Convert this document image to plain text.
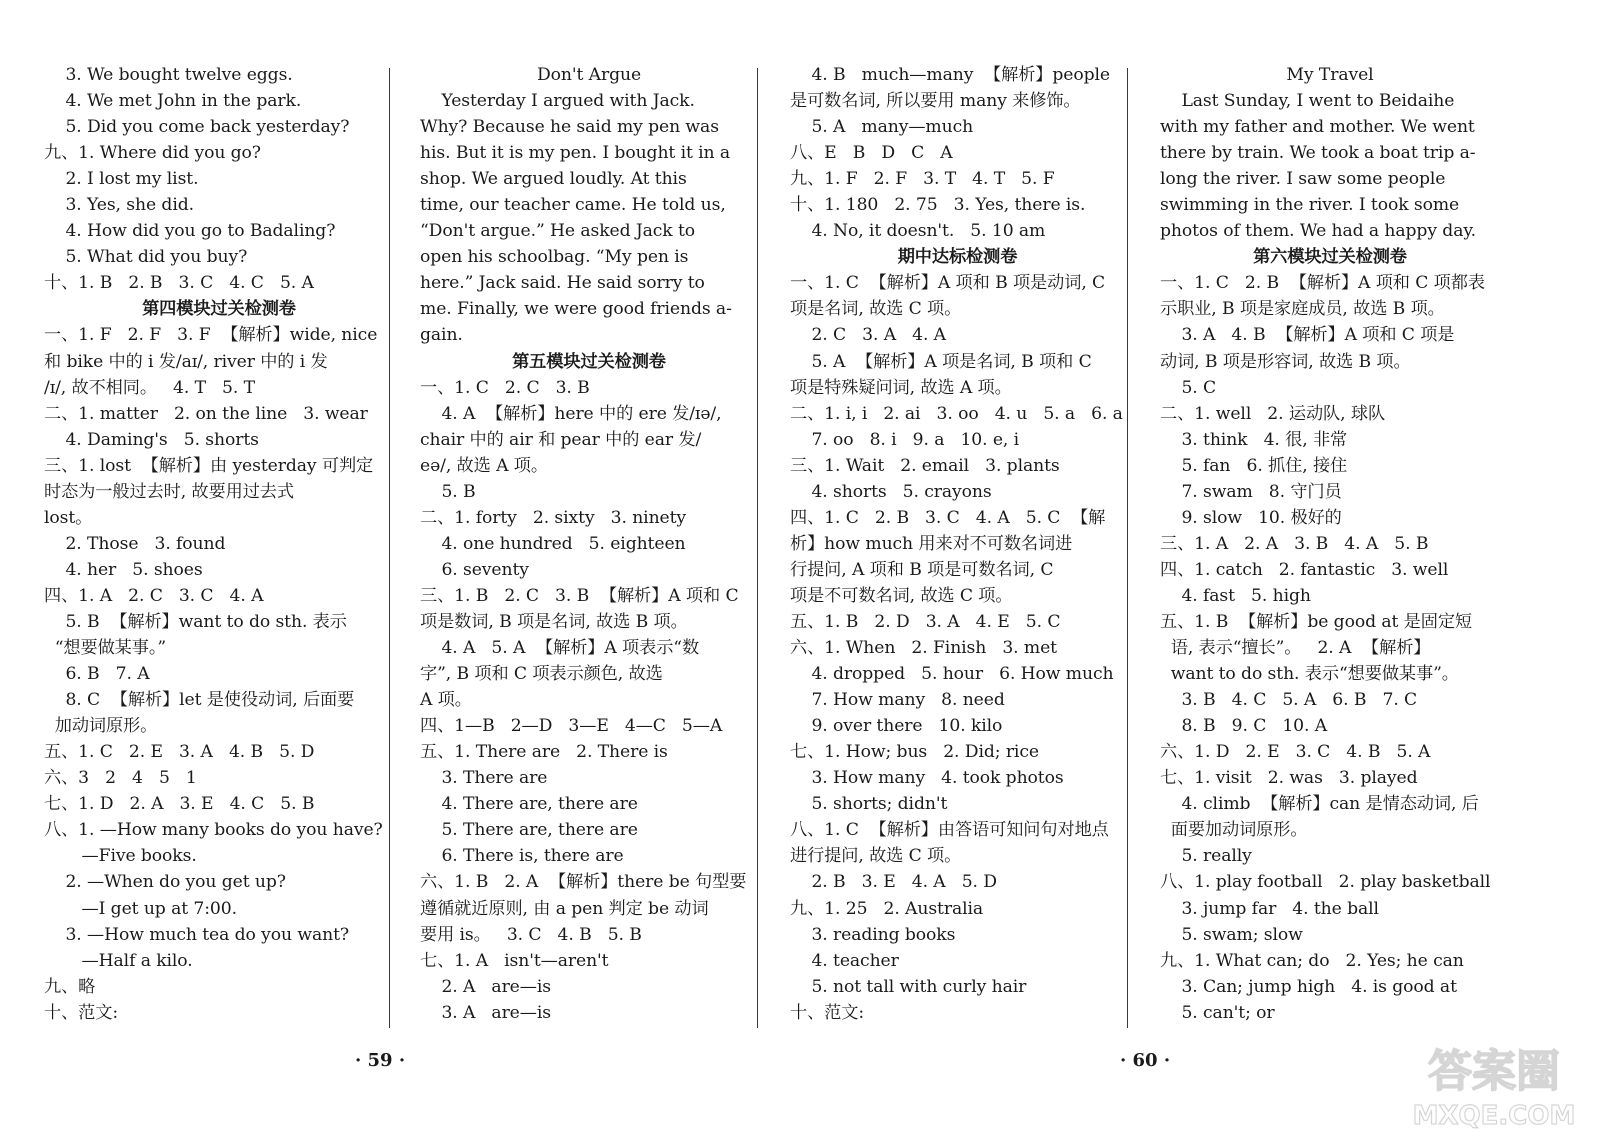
3. We bought twelve eggs.
4. We met John in the park.
5. Did you come back yesterday?
九、1. Where did you go?
2. I lost my list.
3. Yes, she did.
4. How did you go to Badaling?
5. What did you buy?
十、1. B   2. B   3. C   4. C   5. A
第四模块过关检测卷
一、1. F   2. F   3. F  【解析】wide, nice
和 bike 中的 i 发/aɪ/, river 中的 i 发
/ɪ/, 故不相同。   4. T   5. T
二、1. matter   2. on the line   3. wear
4. Daming's   5. shorts
三、1. lost  【解析】由 yesterday 可判定
时态为一般过去时, 故要用过去式
lost。
2. Those   3. found
4. her   5. shoes
四、1. A   2. C   3. C   4. A
5. B  【解析】want to do sth. 表示
“想要做某事。”
6. B   7. A
8. C  【解析】let 是使役动词, 后面要
加动词原形。
五、1. C   2. E   3. A   4. B   5. D
六、3   2   4   5   1
七、1. D   2. A   3. E   4. C   5. B
八、1. —How many books do you have?
—Five books.
2. —When do you get up?
—I get up at 7:00.
3. —How much tea do you want?
—Half a kilo.
九、略
十、范文:
Don't Argue
Yesterday I argued with Jack.
Why? Because he said my pen was
his. But it is my pen. I bought it in a
shop. We argued loudly. At this
time, our teacher came. He told us,
“Don't argue.” He asked Jack to
open his schoolbag. “My pen is
here.” Jack said. He said sorry to
me. Finally, we were good friends a-
gain.
第五模块过关检测卷
一、1. C   2. C   3. B
4. A  【解析】here 中的 ere 发/ɪə/,
chair 中的 air 和 pear 中的 ear 发/
eə/, 故选 A 项。
5. B
二、1. forty   2. sixty   3. ninety
4. one hundred   5. eighteen
6. seventy
三、1. B   2. C   3. B  【解析】A 项和 C
项是数词, B 项是名词, 故选 B 项。
4. A   5. A  【解析】A 项表示“数
字”, B 项和 C 项表示颜色, 故选
A 项。
四、1—B   2—D   3—E   4—C   5—A
五、1. There are   2. There is
3. There are
4. There are, there are
5. There are, there are
6. There is, there are
六、1. B   2. A  【解析】there be 句型要
遵循就近原则, 由 a pen 判定 be 动词
要用 is。   3. C   4. B   5. B
七、1. A   isn't—aren't
2. A   are—is
3. A   are—is
4. B   much—many  【解析】people
是可数名词, 所以要用 many 来修饰。
5. A   many—much
八、E   B   D   C   A
九、1. F   2. F   3. T   4. T   5. F
十、1. 180   2. 75   3. Yes, there is.
4. No, it doesn't.   5. 10 am
期中达标检测卷
一、1. C  【解析】A 项和 B 项是动词, C
项是名词, 故选 C 项。
2. C   3. A   4. A
5. A  【解析】A 项是名词, B 项和 C
项是特殊疑问词, 故选 A 项。
二、1. i, i   2. ai   3. oo   4. u   5. a   6. a
7. oo   8. i   9. a   10. e, i
三、1. Wait   2. email   3. plants
4. shorts   5. crayons
四、1. C   2. B   3. C   4. A   5. C  【解
析】how much 用来对不可数名词进
行提问, A 项和 B 项是可数名词, C
项是不可数名词, 故选 C 项。
五、1. B   2. D   3. A   4. E   5. C
六、1. When   2. Finish   3. met
4. dropped   5. hour   6. How much
7. How many   8. need
9. over there   10. kilo
七、1. How; bus   2. Did; rice
3. How many   4. took photos
5. shorts; didn't
八、1. C  【解析】由答语可知问句对地点
进行提问, 故选 C 项。
2. B   3. E   4. A   5. D
九、1. 25   2. Australia
3. reading books
4. teacher
5. not tall with curly hair
十、范文:
My Travel
Last Sunday, I went to Beidaihe
with my father and mother. We went
there by train. We took a boat trip a-
long the river. I saw some people
swimming in the river. I took some
photos of them. We had a happy day.
第六模块过关检测卷
一、1. C   2. B  【解析】A 项和 C 项都表
示职业, B 项是家庭成员, 故选 B 项。
3. A   4. B  【解析】A 项和 C 项是
动词, B 项是形容词, 故选 B 项。
5. C
二、1. well   2. 运动队, 球队
3. think   4. 很, 非常
5. fan   6. 抓住, 接住
7. swam   8. 守门员
9. slow   10. 极好的
三、1. A   2. A   3. B   4. A   5. B
四、1. catch   2. fantastic   3. well
4. fast   5. high
五、1. B  【解析】be good at 是固定短
语, 表示“擅长”。   2. A  【解析】
want to do sth. 表示“想要做某事”。
3. B   4. C   5. A   6. B   7. C
8. B   9. C   10. A
六、1. D   2. E   3. C   4. B   5. A
七、1. visit   2. was   3. played
4. climb  【解析】can 是情态动词, 后
面要加动词原形。
5. really
八、1. play football   2. play basketball
3. jump far   4. the ball
5. swam; slow
九、1. What can; do   2. Yes; he can
3. Can; jump high   4. is good at
5. can't; or
· 59 ·	· 60 ·	答案圈
MXQE.COM
